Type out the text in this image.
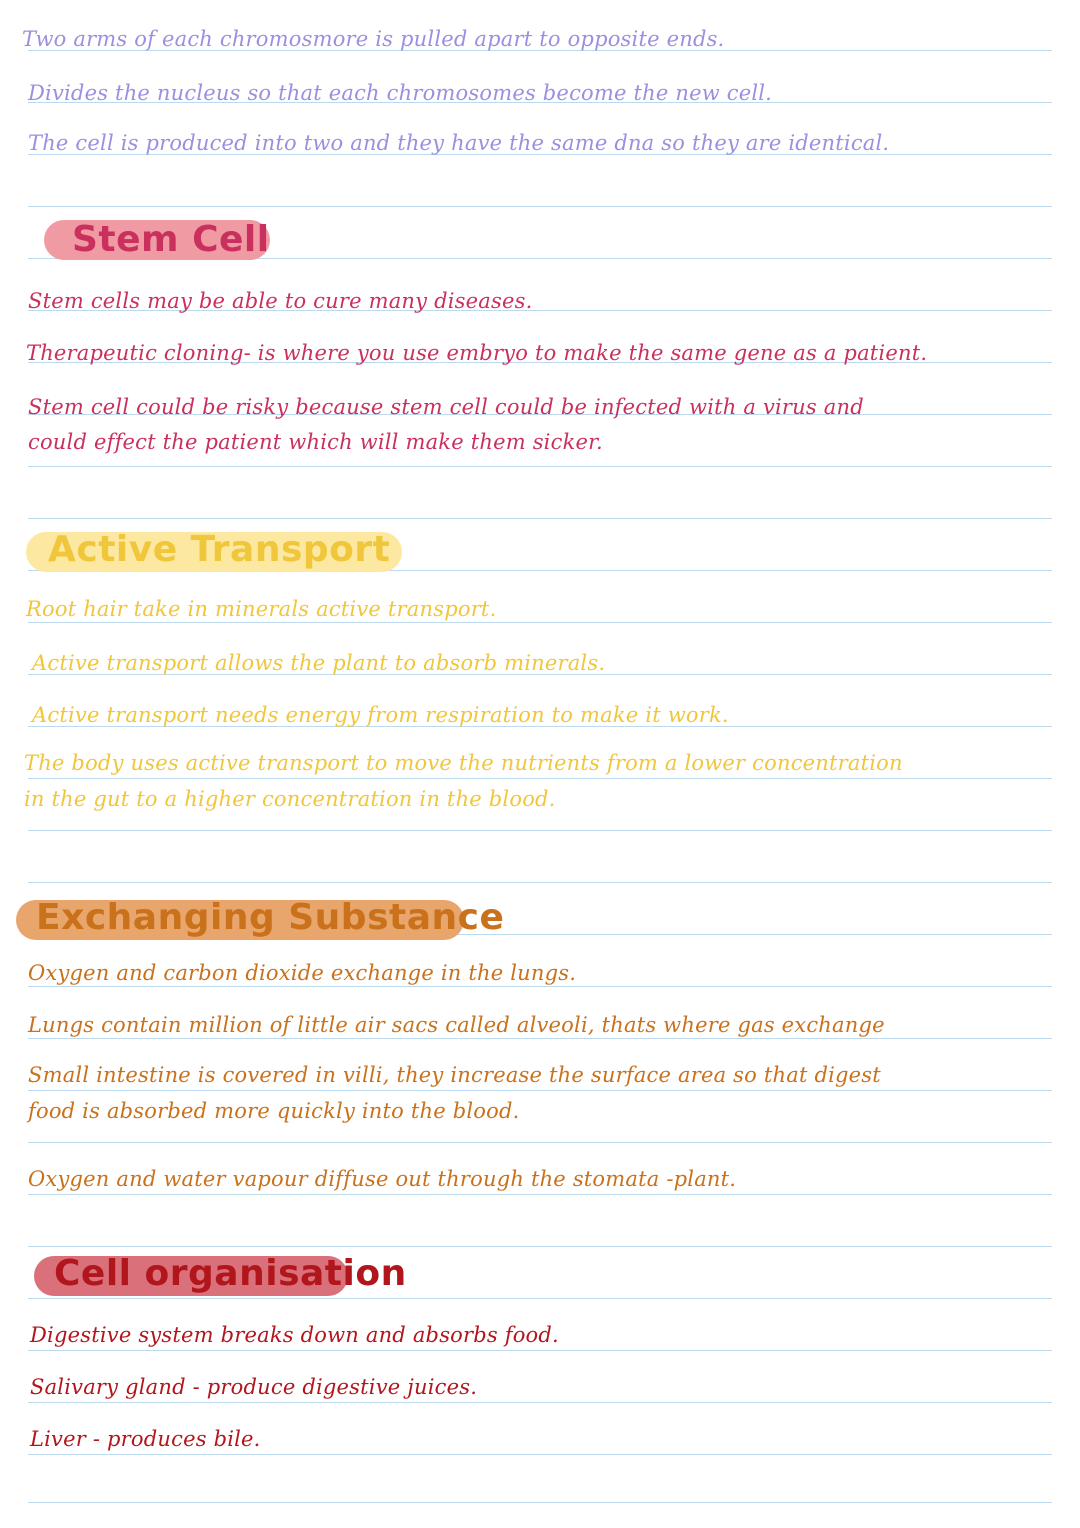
Two arms of each chromosmore is pulled apart to opposite ends.

Divides the nucleus so that each chromosomes become the new cell.

The cell is produced into two and they have the same dna so they are identical.

Stem Cell

Stem cells may be able to cure many diseases.

Therapeutic cloning- is where you use embryo to make the same gene as a patient.

Stem cell could be risky because stem cell could be infected with a virus and

could effect the patient which will make them sicker.

Active Transport

Root hair take in minerals active transport.

Active transport allows the plant to absorb minerals.

Active transport needs energy from respiration to make it work.

The body uses active transport to move the nutrients from a lower concentration

in the gut to a higher concentration in the blood.

Exchanging Substance

Oxygen and carbon dioxide exchange in the lungs.

Lungs contain million of little air sacs called alveoli, thats where gas exchange

Small intestine is covered in villi, they increase the surface area so that digest

food is absorbed more quickly into the blood.

Oxygen and water vapour diffuse out through the stomata -plant.

Cell organisation

Digestive system breaks down and absorbs food.

Salivary gland - produce digestive juices.

Liver - produces bile.
